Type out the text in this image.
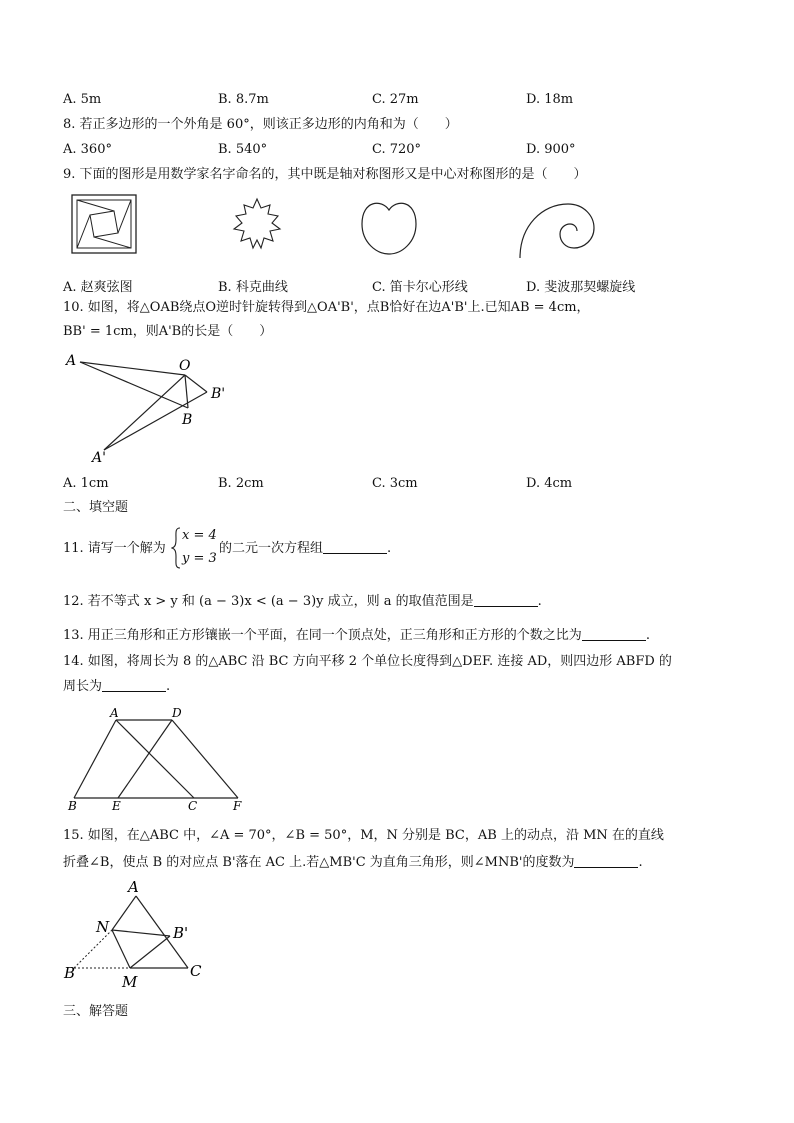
A. 5m	B. 8.7m	C. 27m	D. 18m
8. 若正多边形的一个外角是 60°，则该正多边形的内角和为（　　）
A. 360°	B. 540°	C. 720°	D. 900°
9. 下面的图形是用数学家名字命名的，其中既是轴对称图形又是中心对称图形的是（　　）
A. 赵爽弦图	B. 科克曲线	C. 笛卡尔心形线	D. 斐波那契螺旋线
10. 如图，将△OAB绕点O逆时针旋转得到△OA'B'，点B恰好在边A'B'上.已知AB = 4cm，
BB' = 1cm，则A'B的长是（　　）
A	O
B'
B
A'
A. 1cm	B. 2cm	C. 3cm	D. 4cm
二、填空题
11. 请写一个解为
x = 4
y = 3
的二元一次方程组	.
12. 若不等式 x > y 和 (a − 3)x < (a − 3)y 成立，则 a 的取值范围是	.
13. 用正三角形和正方形镶嵌一个平面，在同一个顶点处，正三角形和正方形的个数之比为	.
14. 如图，将周长为 8 的△ABC 沿 BC 方向平移 2 个单位长度得到△DEF. 连接 AD，则四边形 ABFD 的
周长为	.
A	D
B	E	C	F
15. 如图，在△ABC 中，∠A = 70°，∠B = 50°，M，N 分别是 BC，AB 上的动点，沿 MN 在的直线
折叠∠B，使点 B 的对应点 B'落在 AC 上.若△MB'C 为直角三角形，则∠MNB'的度数为	.
A
N	B'
B	M
C
三、解答题
